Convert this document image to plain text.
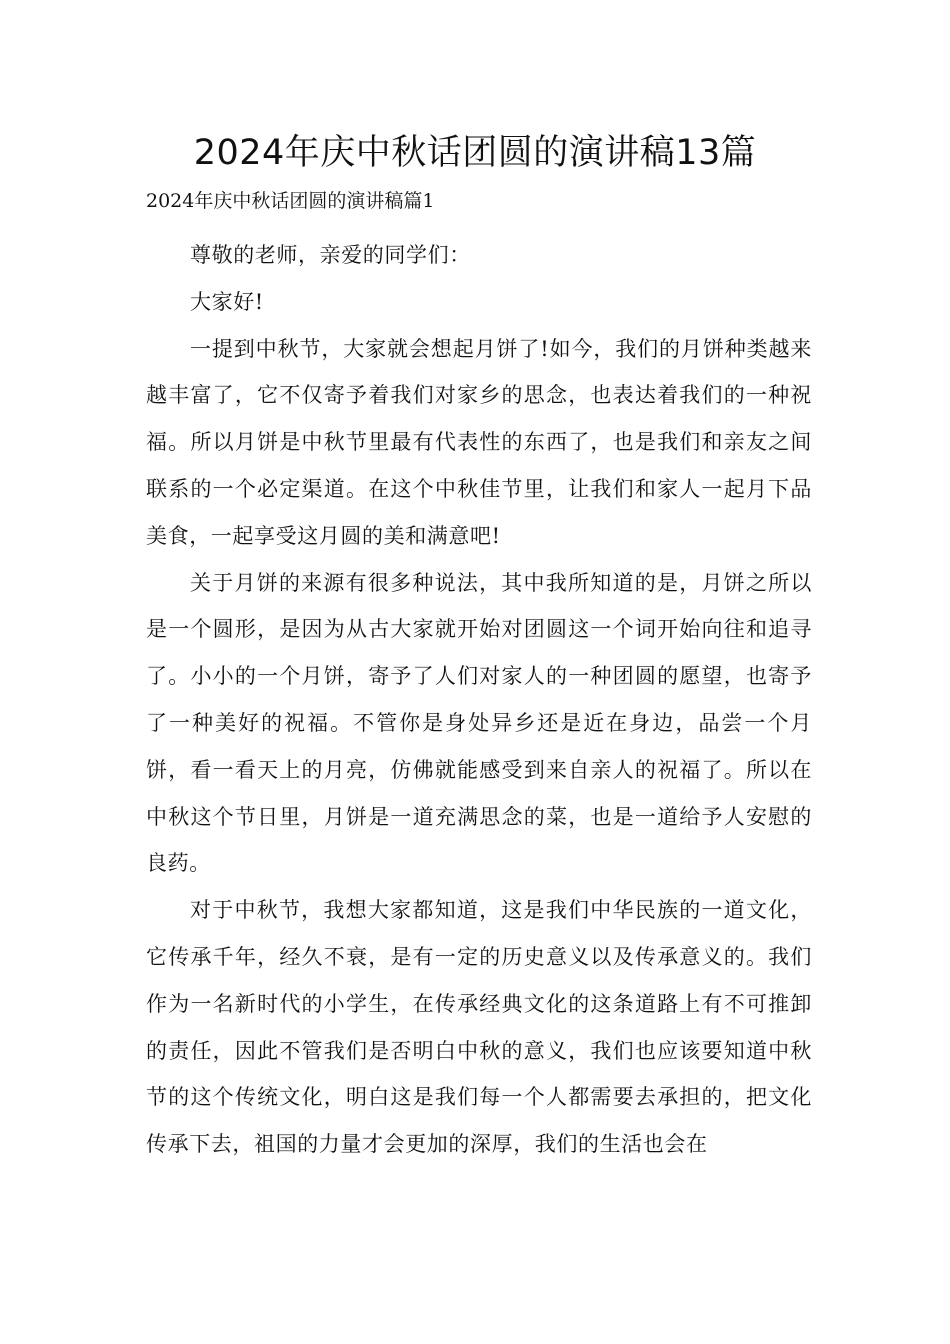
2024年庆中秋话团圆的演讲稿13篇

2024年庆中秋话团圆的演讲稿篇1

尊敬的老师，亲爱的同学们：

大家好!

一提到中秋节，大家就会想起月饼了!如今，我们的月饼种类越来越丰富了，它不仅寄予着我们对家乡的思念，也表达着我们的一种祝福。所以月饼是中秋节里最有代表性的东西了，也是我们和亲友之间联系的一个必定渠道。在这个中秋佳节里，让我们和家人一起月下品美食，一起享受这月圆的美和满意吧!

关于月饼的来源有很多种说法，其中我所知道的是，月饼之所以是一个圆形，是因为从古大家就开始对团圆这一个词开始向往和追寻了。小小的一个月饼，寄予了人们对家人的一种团圆的愿望，也寄予了一种美好的祝福。不管你是身处异乡还是近在身边，品尝一个月饼，看一看天上的月亮，仿佛就能感受到来自亲人的祝福了。所以在中秋这个节日里，月饼是一道充满思念的菜，也是一道给予人安慰的良药。

对于中秋节，我想大家都知道，这是我们中华民族的一道文化，它传承千年，经久不衰，是有一定的历史意义以及传承意义的。我们作为一名新时代的小学生，在传承经典文化的这条道路上有不可推卸的责任，因此不管我们是否明白中秋的意义，我们也应该要知道中秋节的这个传统文化，明白这是我们每一个人都需要去承担的，把文化传承下去，祖国的力量才会更加的深厚，我们的生活也会在
